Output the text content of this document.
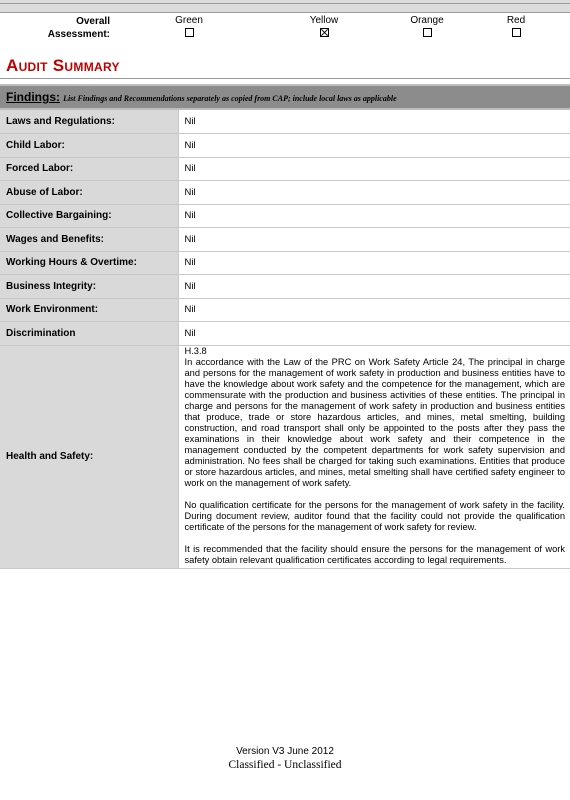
Overall
Assessment:
Green	Yellow	Orange	Red
Audit Summary
Findings: List Findings and Recommendations separately as copied from CAP; include local laws as applicable
Laws and Regulations:	Nil
Child Labor:	Nil
Forced Labor:	Nil
Abuse of Labor:	Nil
Collective Bargaining:	Nil
Wages and Benefits:	Nil
Working Hours & Overtime:	Nil
Business Integrity:	Nil
Work Environment:	Nil
Discrimination	Nil
Health and Safety:	H.3.8

In accordance with the Law of the PRC on Work Safety Article 24, The principal in charge and persons for the management of work safety in production and business entities have to have the knowledge about work safety and the competence for the management, which are commensurate with the production and business activities of these entities. The principal in charge and persons for the management of work safety in production and business entities that produce, trade or store hazardous articles, and mines, metal smelting, building construction, and road transport shall only be appointed to the posts after they pass the examinations in their knowledge about work safety and their competence in the management conducted by the competent departments for work safety supervision and administration. No fees shall be charged for taking such examinations. Entities that produce or store hazardous articles, and mines, metal smelting shall have certified safety engineer to work on the management of work safety.

No qualification certificate for the persons for the management of work safety in the facility. During document review, auditor found that the facility could not provide the qualification certificate of the persons for the management of work safety for review.

It is recommended that the facility should ensure the persons for the management of work safety obtain relevant qualification certificates according to legal requirements.

Version V3 June 2012
Classified - Unclassified
